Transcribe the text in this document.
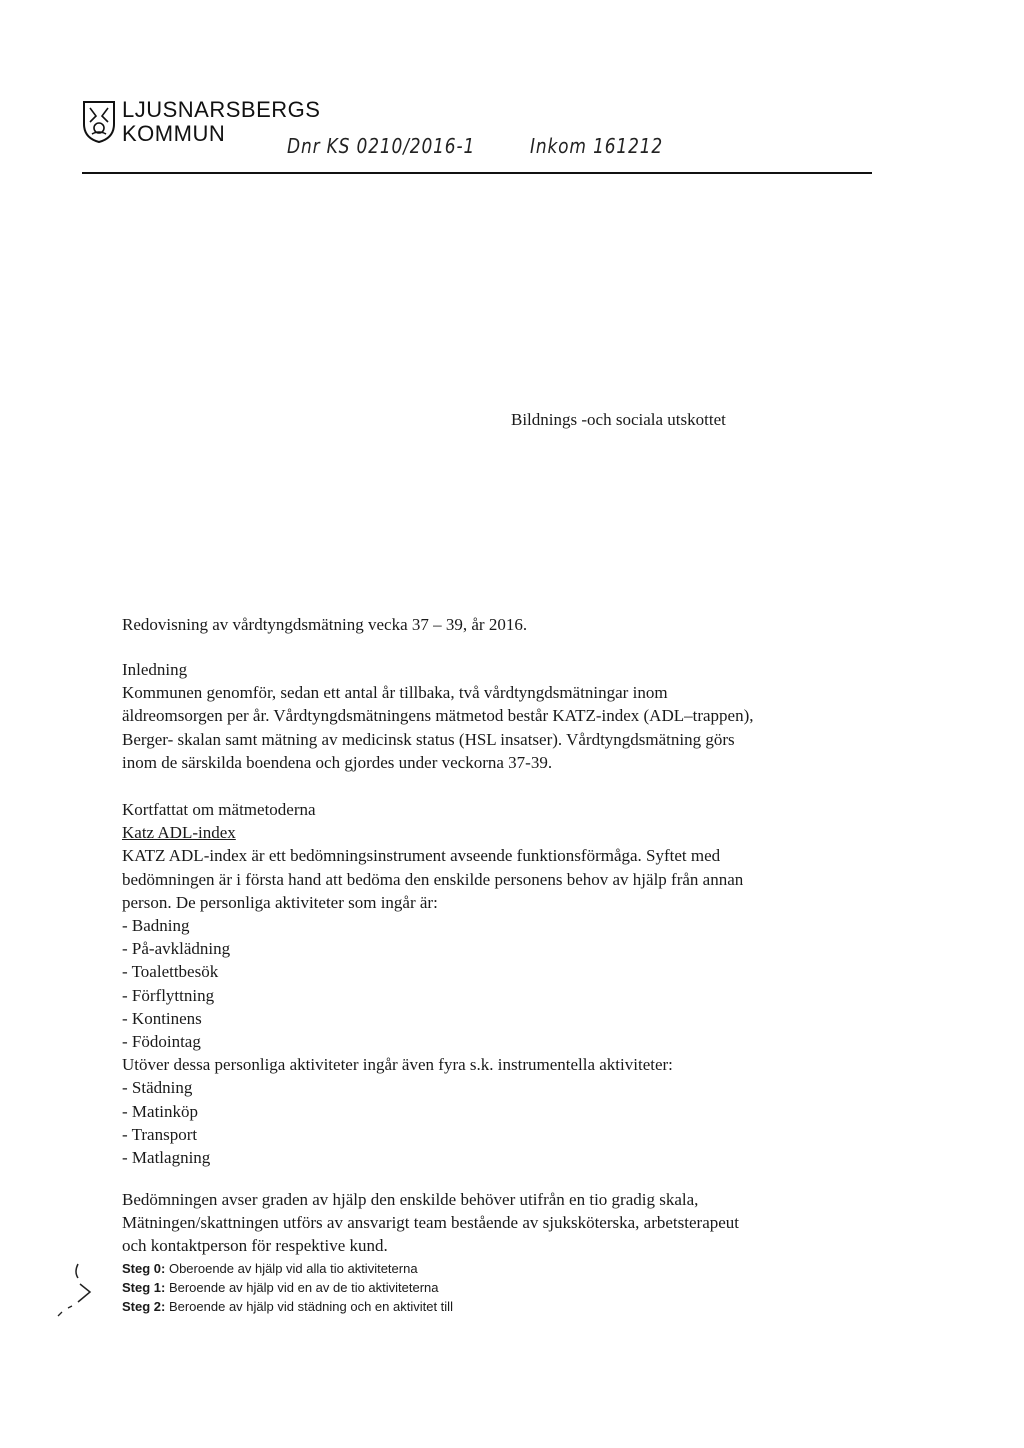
LJUSNARSBERGS
KOMMUN	Dnr KS 0210/2016-1	Inkom 161212
Bildnings -och sociala utskottet
Redovisning av vårdtyngdsmätning vecka 37 – 39, år 2016.

Inledning

Kommunen genomför, sedan ett antal år tillbaka, två vårdtyngdsmätningar inom

äldreomsorgen per år. Vårdtyngdsmätningens mätmetod består KATZ-index (ADL–trappen),

Berger- skalan samt mätning av medicinsk status (HSL insatser). Vårdtyngdsmätning görs

inom de särskilda boendena och gjordes under veckorna 37-39.

Kortfattat om mätmetoderna

Katz ADL-index

KATZ ADL-index är ett bedömningsinstrument avseende funktionsförmåga. Syftet med

bedömningen är i första hand att bedöma den enskilde personens behov av hjälp från annan

person. De personliga aktiviteter som ingår är:

- Badning

- På-avklädning

- Toalettbesök

- Förflyttning

- Kontinens

- Födointag

Utöver dessa personliga aktiviteter ingår även fyra s.k. instrumentella aktiviteter:

- Städning

- Matinköp

- Transport

- Matlagning

Bedömningen avser graden av hjälp den enskilde behöver utifrån en tio gradig skala,

Mätningen/skattningen utförs av ansvarigt team bestående av sjuksköterska, arbetsterapeut

och kontaktperson för respektive kund.

Steg 0: Oberoende av hjälp vid alla tio aktiviteterna
Steg 1: Beroende av hjälp vid en av de tio aktiviteterna
Steg 2: Beroende av hjälp vid städning och en aktivitet till
